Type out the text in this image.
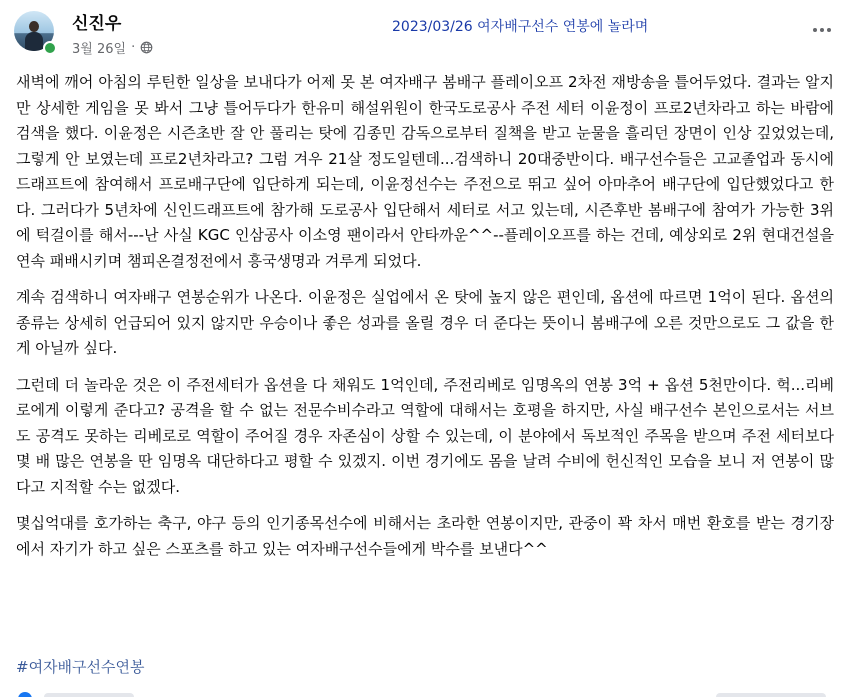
신진우
3월 26일 ·
2023/03/26 여자배구선수 연봉에 놀라며

새벽에 깨어 아침의 루틴한 일상을 보내다가 어제 못 본 여자배구 봄배구 플레이오프 2차전 재방송을 틀어두었다. 결과는 알지만 상세한 게임을 못 봐서 그냥 틀어두다가 한유미 해설위원이 한국도로공사 주전 세터 이윤정이 프로2년차라고 하는 바람에 검색을 했다. 이윤정은 시즌초반 잘 안 풀리는 탓에 김종민 감독으로부터 질책을 받고 눈물을 흘리던 장면이 인상 깊었었는데, 그렇게 안 보였는데 프로2년차라고? 그럼 겨우 21살 정도일텐데...검색하니 20대중반이다. 배구선수들은 고교졸업과 동시에 드래프트에 참여해서 프로배구단에 입단하게 되는데, 이윤정선수는 주전으로 뛰고 싶어 아마추어 배구단에 입단했었다고 한다. 그러다가 5년차에 신인드래프트에 참가해 도로공사 입단해서 세터로 서고 있는데, 시즌후반 봄배구에 참여가 가능한 3위에 턱걸이를 해서---난 사실 KGC 인삼공사 이소영 팬이라서 안타까운^^--플레이오프를 하는 건데, 예상외로 2위 현대건설을 연속 패배시키며 챔피온결정전에서 흥국생명과 겨루게 되었다.

계속 검색하니 여자배구 연봉순위가 나온다. 이윤정은 실업에서 온 탓에 높지 않은 편인데, 옵션에 따르면 1억이 된다. 옵션의 종류는 상세히 언급되어 있지 않지만 우승이나 좋은 성과를 올릴 경우 더 준다는 뜻이니 봄배구에 오른 것만으로도 그 값을 한 게 아닐까 싶다.

그런데 더 놀라운 것은 이 주전세터가 옵션을 다 채워도 1억인데, 주전리베로 임명옥의 연봉 3억 + 옵션 5천만이다. 헉...리베로에게 이렇게 준다고? 공격을 할 수 없는 전문수비수라고 역할에 대해서는 호평을 하지만, 사실 배구선수 본인으로서는 서브도 공격도 못하는 리베로로 역할이 주어질 경우 자존심이 상할 수 있는데, 이 분야에서 독보적인 주목을 받으며 주전 세터보다 몇 배 많은 연봉을 딴 임명옥 대단하다고 평할 수 있겠지. 이번 경기에도 몸을 날려 수비에 헌신적인 모습을 보니 저 연봉이 많다고 지적할 수는 없겠다.

몇십억대를 호가하는 축구, 야구 등의 인기종목선수에 비해서는 초라한 연봉이지만, 관중이 꽉 차서 매번 환호를 받는 경기장에서 자기가 하고 싶은 스포츠를 하고 있는 여자배구선수들에게 박수를 보낸다^^

#여자배구선수연봉
